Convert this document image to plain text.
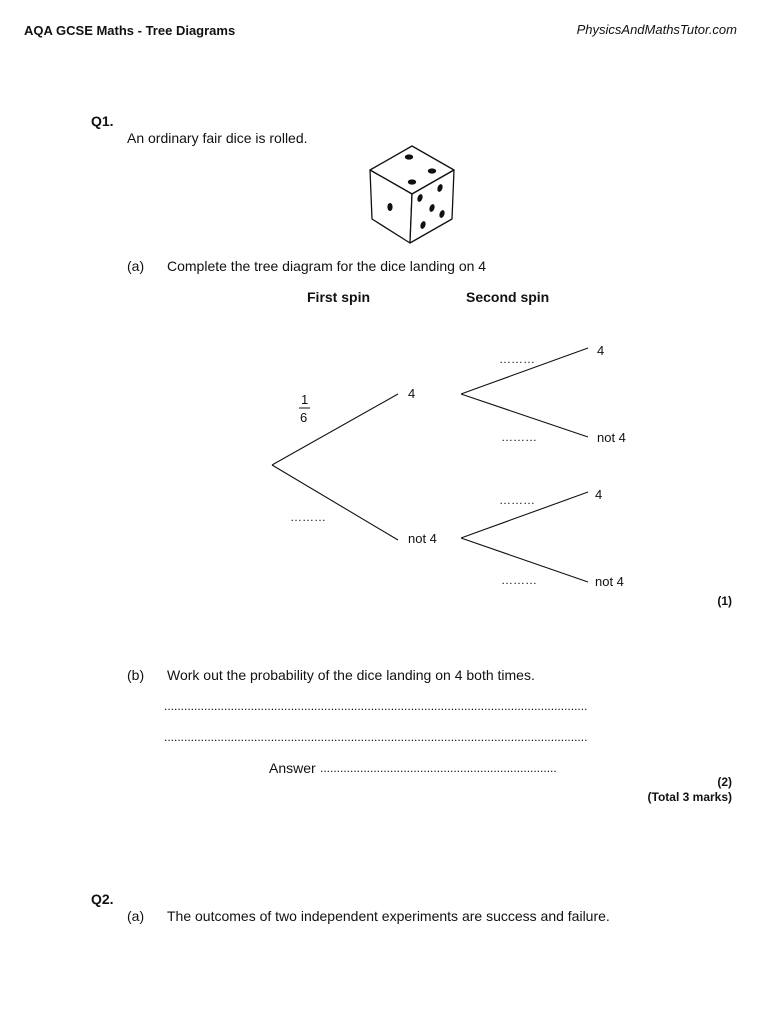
AQA GCSE Maths - Tree Diagrams	PhysicsAndMathsTutor.com
Q1.
An ordinary fair dice is rolled.
(a) Complete the tree diagram for the dice landing on 4
First spin	Second spin
1
6
………
………
………
………
………
4
not 4
4
not 4
4
not 4
(1)
(b) Work out the probability of the dice landing on 4 both times.
...............................................................................................................................
...............................................................................................................................
Answer .......................................................................
(2)
(Total 3 marks)
Q2.
(a) The outcomes of two independent experiments are success and failure.
